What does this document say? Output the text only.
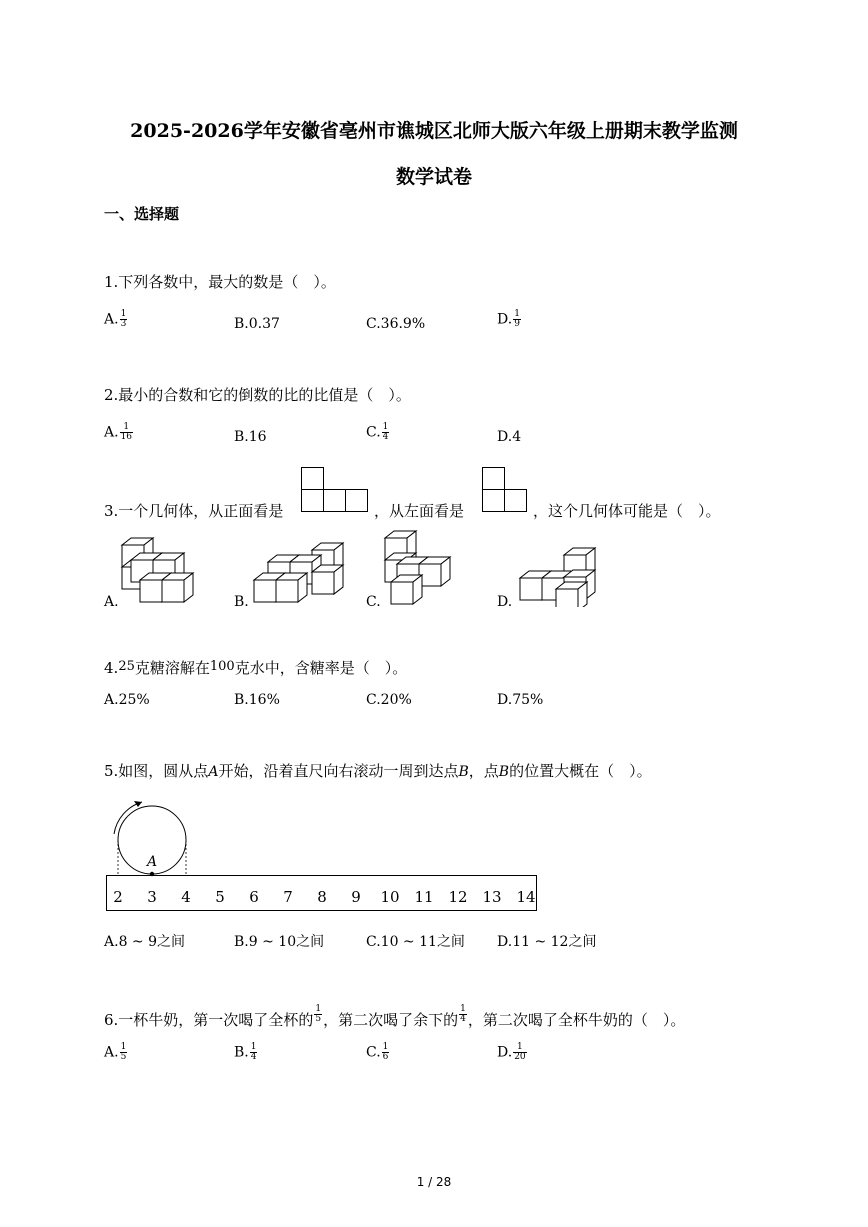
2025-2026学年安徽省亳州市谯城区北师大版六年级上册期末教学监测
数学试卷
一、选择题
1.下列各数中，最大的数是（　）。
A. $\frac{1}{3}$	B.0.37	C.36.9%	D. $\frac{1}{9}$
2.最小的合数和它的倒数的比的比值是（　）。
A. $\frac{1}{16}$	B.16	C. $\frac{1}{4}$	D.4
3.一个几何体，从正面看是	，从左面看是	，这个几何体可能是（　）。
A.	B.	C.	D.
4.25克糖溶解在100克水中，含糖率是（　）。
A.25%	B.16%	C.20%	D.75%
5.如图，圆从点A开始，沿着直尺向右滚动一周到达点B，点B的位置大概在（　）。
A
2 3 4 5 6 7 8 9 10 11 12 13 14
A.8 ~ 9之间	B.9 ~ 10之间	C.10 ~ 11之间 D.11 ~ 12之间
6.一杯牛奶，第一次喝了全杯的 $\frac{1}{5}$ ，第二次喝了余下的 $\frac{1}{4}$ ，第二次喝了全杯牛奶的（　）。
A. $\frac{1}{5}$	B. $\frac{1}{4}$	C. $\frac{1}{6}$	D. $\frac{1}{20}$
1 / 28
